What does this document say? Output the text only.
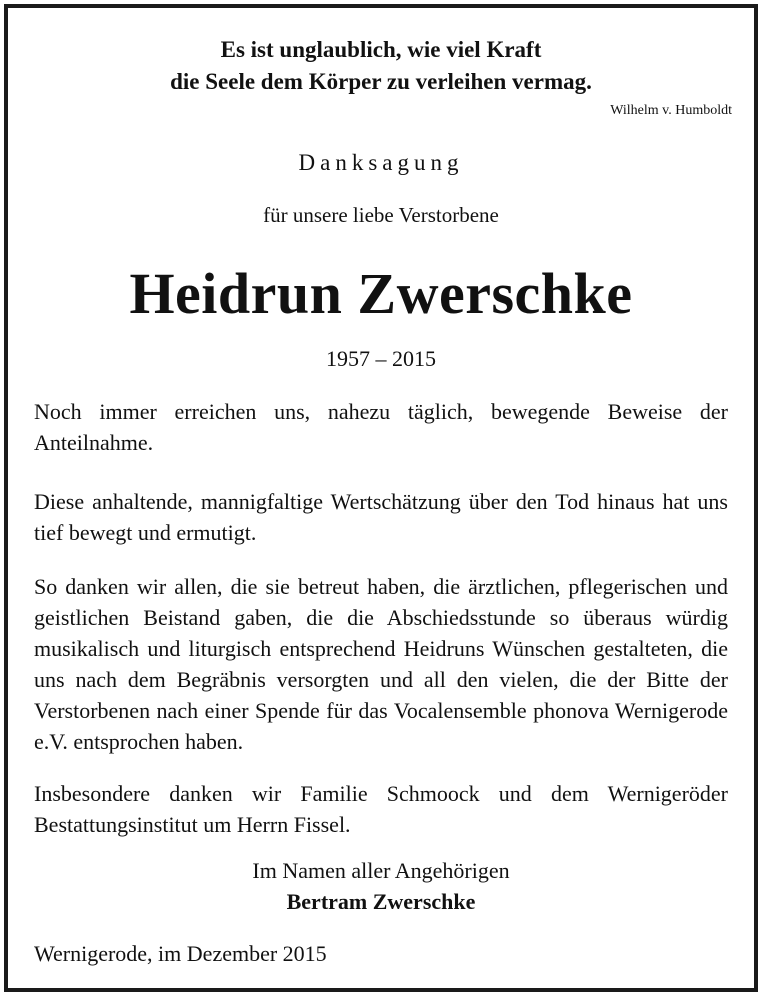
Es ist unglaublich, wie viel Kraft
die Seele dem Körper zu verleihen vermag.
Wilhelm v. Humboldt
Danksagung
für unsere liebe Verstorbene
Heidrun Zwerschke
1957 – 2015

Noch immer erreichen uns, nahezu täglich, bewegende Beweise der Anteilnahme.

Diese anhaltende, mannigfaltige Wertschätzung über den Tod hinaus hat uns tief bewegt und ermutigt.

So danken wir allen, die sie betreut haben, die ärztlichen, pflegerischen und geistlichen Beistand gaben, die die Abschiedsstunde so überaus würdig musikalisch und liturgisch entsprechend Heidruns Wünschen gestalteten, die uns nach dem Begräbnis versorgten und all den vielen, die der Bitte der Verstorbenen nach einer Spende für das Vocalensemble phonova Wernigerode e.V. entsprochen haben.

Insbesondere danken wir Familie Schmoock und dem Wernigeröder Bestattungsinstitut um Herrn Fissel.

Im Namen aller Angehörigen
Bertram Zwerschke
Wernigerode, im Dezember 2015
